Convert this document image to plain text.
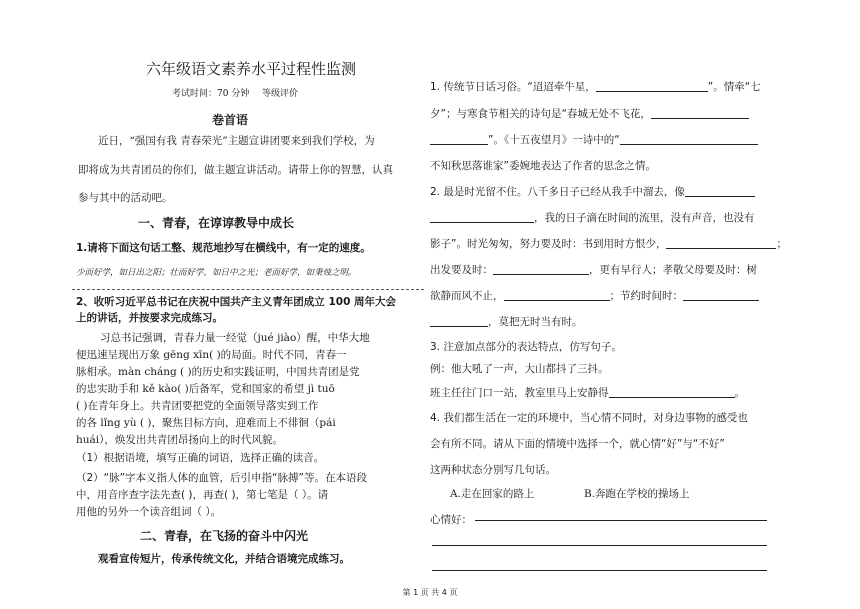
六年级语文素养水平过程性监测
考试时间：70 分钟 等级评价
卷首语
近日，“强国有我 青春荣光”主题宣讲团要来到我们学校，为
即将成为共青团员的你们，做主题宣讲活动。请带上你的智慧，认真
参与其中的活动吧。
一、青春，在谆谆教导中成长
1.请将下面这句话工整、规范地抄写在横线中，有一定的速度。
少而好学，如日出之阳；壮而好学，如日中之光；老而好学，如秉烛之明。
2、收听习近平总书记在庆祝中国共产主义青年团成立 100 周年大会
上的讲话，并按要求完成练习。
习总书记强调，青春力量一经觉（jué jiào）醒，中华大地
便迅速呈现出万象 gēng xīn( )的局面。时代不同，青春一
脉相承。màn cháng ( )的历史和实践证明，中国共青团是党
的忠实助手和 kě kào( )后备军，党和国家的希望 jì tuō
( )在青年身上。共青团要把党的全面领导落实到工作
的各 lǐng yù ( )，聚焦目标方向，迎难而上不徘徊（pái
huái），焕发出共青团昂扬向上的时代风貌。
（1）根据语境，填写正确的词语，选择正确的读音。
（2）“脉”字本义指人体的血管，后引申指“脉搏”等。在本语段
中，用音序查字法先查( )，再查( )，第七笔是（ ）。请
用他的另外一个读音组词（ ）。
二、青春，在飞扬的奋斗中闪光
观看宣传短片，传承传统文化，并结合语境完成练习。
1. 传统节日话习俗。“迢迢牵牛星，	”。情牵“七
夕”；与寒食节相关的诗句是“春城无处不飞花，
”。《十五夜望月》一诗中的“
不知秋思落谁家”委婉地表达了作者的思念之情。
2. 最是时光留不住。八千多日子已经从我手中溜去，像
，我的日子滴在时间的流里，没有声音，也没有
影子”。时光匆匆，努力要及时：书到用时方恨少，	；
出发要及时：	，更有早行人；孝敬父母要及时：树
欲静而风不止，	；节约时间时：
，莫把无时当有时。
3. 注意加点部分的表达特点，仿写句子。
例：他大吼了一声，大山都抖了三抖。
班主任往门口一站，教室里马上安静得	。
4. 我们都生活在一定的环境中，当心情不同时，对身边事物的感受也
会有所不同。请从下面的情境中选择一个，就心情“好”与“不好”
这两种状态分别写几句话。
A.走在回家的路上	B.奔跑在学校的操场上
心情好：
第 1 页 共 4 页
